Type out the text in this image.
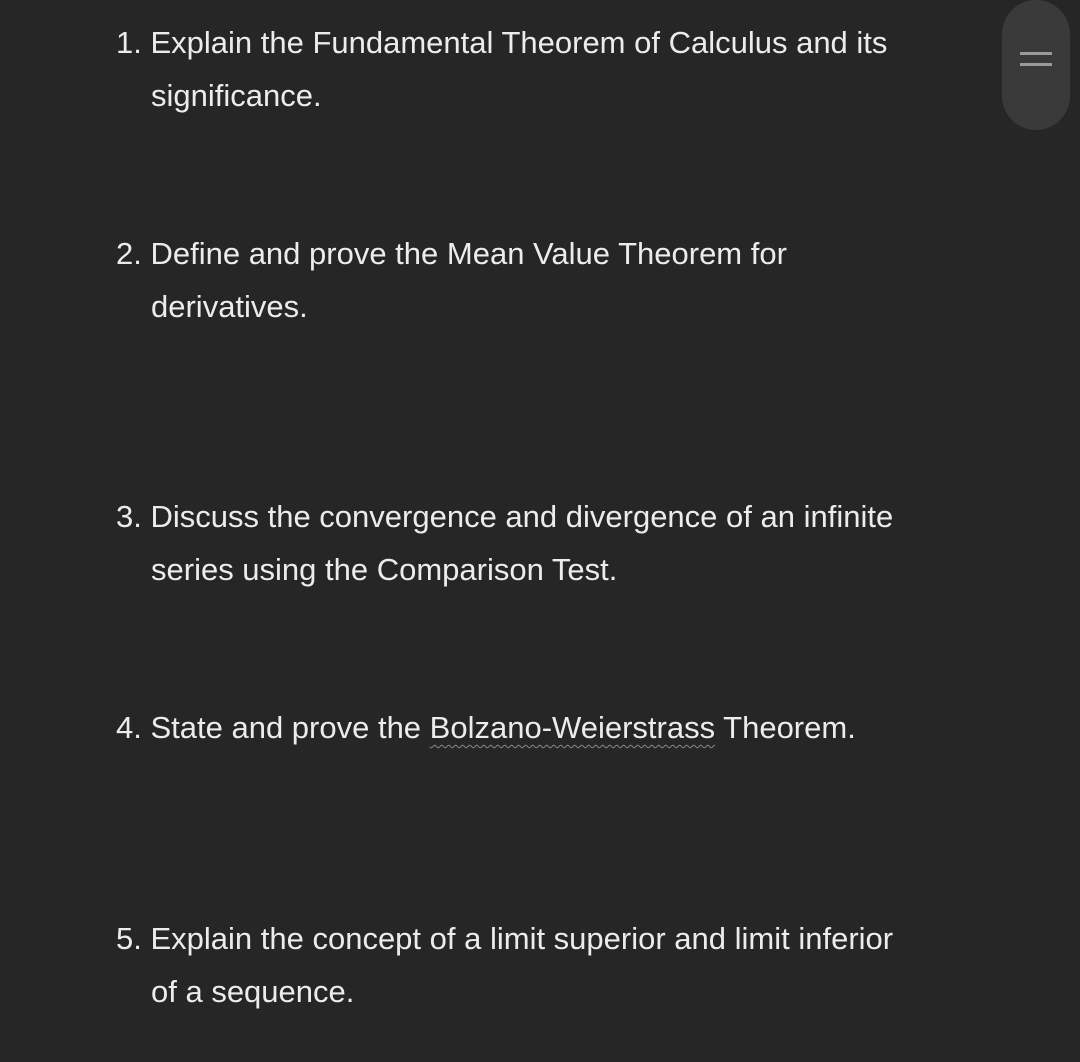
1. Explain the Fundamental Theorem of Calculus and its
significance.

2. Define and prove the Mean Value Theorem for
derivatives.

3. Discuss the convergence and divergence of an infinite
series using the Comparison Test.

4. State and prove the Bolzano-Weierstrass Theorem.

5. Explain the concept of a limit superior and limit inferior
of a sequence.
